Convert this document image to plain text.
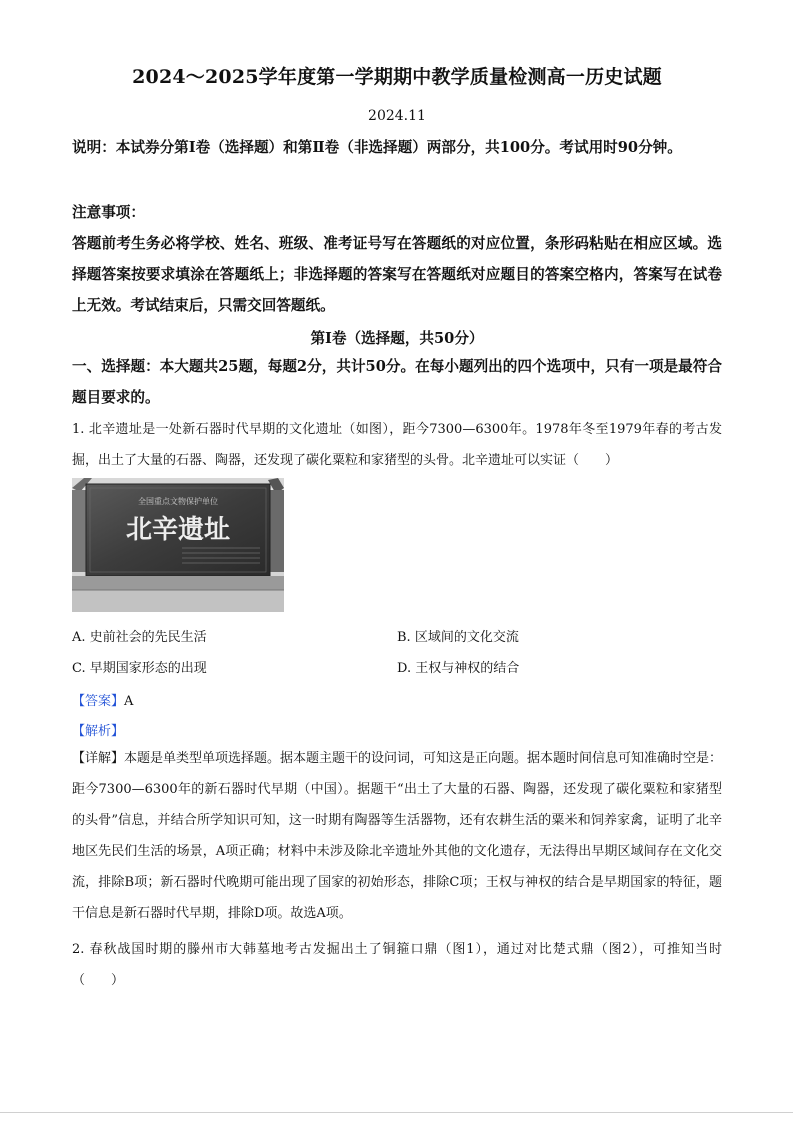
2024～2025学年度第一学期期中教学质量检测高一历史试题
2024.11
说明：本试券分第Ⅰ卷（选择题）和第Ⅱ卷（非选择题）两部分，共100分。考试用时90分钟。
注意事项：
答题前考生务必将学校、姓名、班级、准考证号写在答题纸的对应位置，条形码粘贴在相应区域。选择题答案按要求填涂在答题纸上；非选择题的答案写在答题纸对应题目的答案空格内，答案写在试卷上无效。考试结束后，只需交回答题纸。
第Ⅰ卷（选择题，共50分）
一、选择题：本大题共25题，每题2分，共计50分。在每小题列出的四个选项中，只有一项是最符合题目要求的。
1. 北辛遗址是一处新石器时代早期的文化遗址（如图），距今7300—6300年。1978年冬至1979年春的考古发掘，出土了大量的石器、陶器，还发现了碳化粟粒和家猪型的头骨。北辛遗址可以实证（　　）
全国重点文物保护单位
北辛遗址
A. 史前社会的先民生活	B. 区域间的文化交流
C. 早期国家形态的出现	D. 王权与神权的结合
【答案】A
【解析】
【详解】本题是单类型单项选择题。据本题主题干的设问词，可知这是正向题。据本题时间信息可知准确时空是：距今7300—6300年的新石器时代早期（中国）。据题干“出土了大量的石器、陶器，还发现了碳化粟粒和家猪型的头骨”信息，并结合所学知识可知，这一时期有陶器等生活器物，还有农耕生活的粟米和饲养家禽，证明了北辛地区先民们生活的场景，A项正确；材料中未涉及除北辛遗址外其他的文化遗存，无法得出早期区域间存在文化交流，排除B项；新石器时代晚期可能出现了国家的初始形态，排除C项；王权与神权的结合是早期国家的特征，题干信息是新石器时代早期，排除D项。故选A项。
2. 春秋战国时期的滕州市大韩墓地考古发掘出土了铜箍口鼎（图1），通过对比楚式鼎（图2），可推知当时（　　）
